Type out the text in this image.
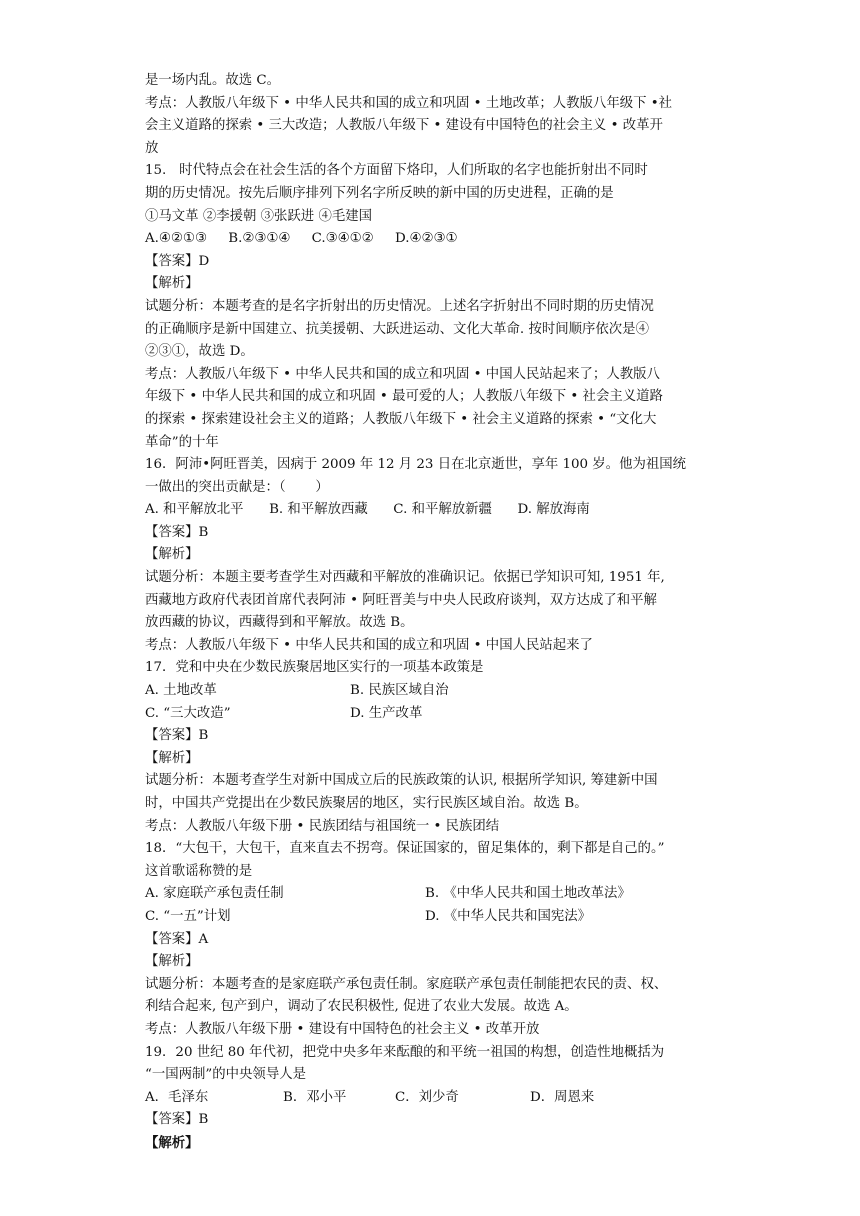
是一场内乱。故选 C。
考点：人教版八年级下 • 中华人民共和国的成立和巩固 • 土地改革；人教版八年级下 •社
会主义道路的探索 • 三大改造；人教版八年级下 • 建设有中国特色的社会主义 • 改革开
放
15.   时代特点会在社会生活的各个方面留下烙印，人们所取的名字也能折射出不同时
期的历史情况。按先后顺序排列下列名字所反映的新中国的历史进程，正确的是
①马文革 ②李援朝 ③张跃进 ④毛建国
A.④②①③     B.②③①④     C.③④①②     D.④②③①
【答案】D
【解析】
试题分析：本题考查的是名字折射出的历史情况。上述名字折射出不同时期的历史情况
的正确顺序是新中国建立、抗美援朝、大跃进运动、文化大革命. 按时间顺序依次是④
②③①，故选 D。
考点：人教版八年级下 • 中华人民共和国的成立和巩固 • 中国人民站起来了；人教版八
年级下 • 中华人民共和国的成立和巩固 • 最可爱的人；人教版八年级下 • 社会主义道路
的探索 • 探索建设社会主义的道路；人教版八年级下 • 社会主义道路的探索 • “文化大
革命”的十年
16．阿沛•阿旺晋美，因病于 2009 年 12 月 23 日在北京逝世，享年 100 岁。他为祖国统
一做出的突出贡献是：（       ）
A. 和平解放北平      B. 和平解放西藏      C. 和平解放新疆      D. 解放海南
【答案】B
【解析】
试题分析：本题主要考查学生对西藏和平解放的准确识记。依据已学知识可知, 1951 年,
西藏地方政府代表团首席代表阿沛 • 阿旺晋美与中央人民政府谈判，双方达成了和平解
放西藏的协议，西藏得到和平解放。故选 B。
考点：人教版八年级下 • 中华人民共和国的成立和巩固 • 中国人民站起来了
17．党和中央在少数民族聚居地区实行的一项基本政策是
A. 土地改革	B. 民族区域自治
C. “三大改造”	D. 生产改革
【答案】B
【解析】
试题分析：本题考查学生对新中国成立后的民族政策的认识, 根据所学知识, 筹建新中国
时，中国共产党提出在少数民族聚居的地区，实行民族区域自治。故选 B。
考点：人教版八年级下册 • 民族团结与祖国统一 • 民族团结
18．“大包干，大包干，直来直去不拐弯。保证国家的，留足集体的，剩下都是自己的。”
这首歌谣称赞的是
A. 家庭联产承包责任制	B. 《中华人民共和国土地改革法》
C. “一五”计划	D. 《中华人民共和国宪法》
【答案】A
【解析】
试题分析：本题考查的是家庭联产承包责任制。家庭联产承包责任制能把农民的责、权、
利结合起来, 包产到户，调动了农民积极性, 促进了农业大发展。故选 A。
考点：人教版八年级下册 • 建设有中国特色的社会主义 • 改革开放
19．20 世纪 80 年代初，把党中央多年来酝酿的和平统一祖国的构想，创造性地概括为
“一国两制”的中央领导人是
A．毛泽东	B．邓小平	C．刘少奇	D．周恩来
【答案】B
【解析】
